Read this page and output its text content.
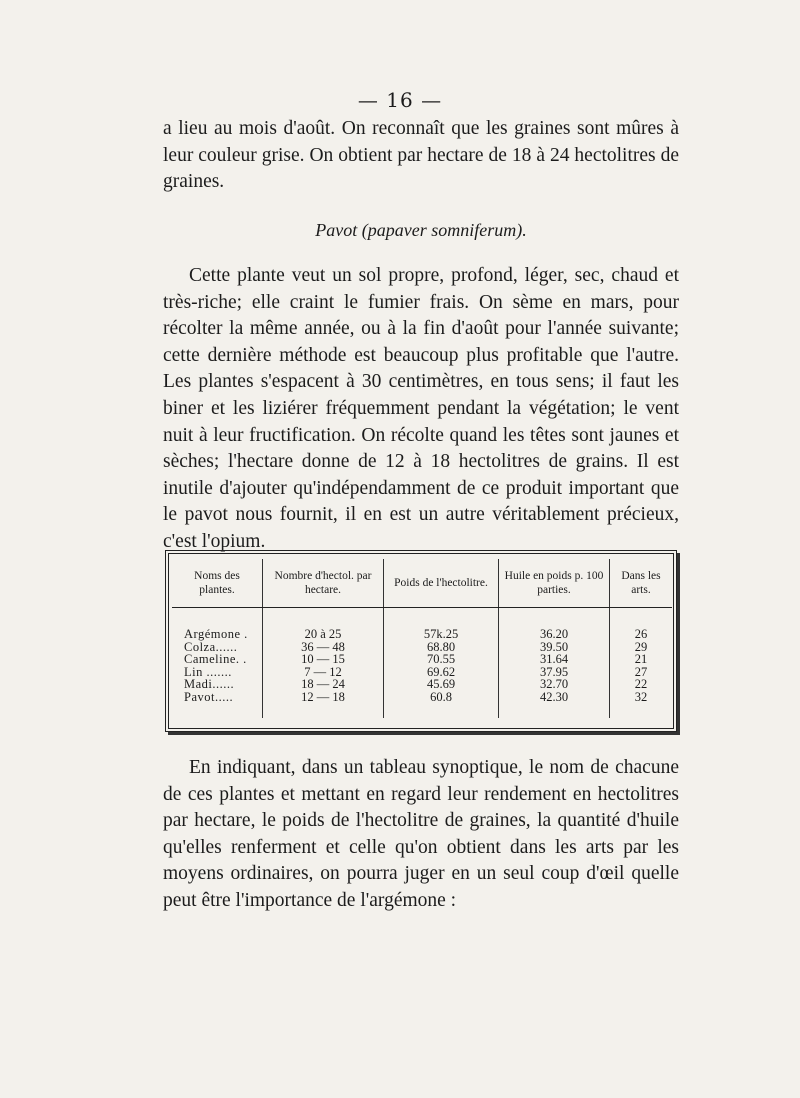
— 16 —

a lieu au mois d'août. On reconnaît que les graines sont mûres à leur couleur grise. On obtient par hectare de 18 à 24 hectolitres de graines.

Pavot (papaver somniferum).

Cette plante veut un sol propre, profond, léger, sec, chaud et très-riche; elle craint le fumier frais. On sème en mars, pour récolter la même année, ou à la fin d'août pour l'année suivante; cette dernière méthode est beaucoup plus profitable que l'autre. Les plantes s'espacent à 30 centimètres, en tous sens; il faut les biner et les liziérer fréquemment pendant la végétation; le vent nuit à leur fructification. On récolte quand les têtes sont jaunes et sèches; l'hectare donne de 12 à 18 hectolitres de grains. Il est inutile d'ajouter qu'indépendamment de ce produit important que le pavot nous fournit, il en est un autre véritablement précieux, c'est l'opium.

Noms des plantes.	Nombre d'hectol. par hectare.	Poids de l'hectolitre.	Huile en poids p. 100 parties.	Dans les arts.
Argémone .	20 à 25	57k.25	36.20	26
Colza......	36 — 48	68.80	39.50	29
Cameline. .	10 — 15	70.55	31.64	21
Lin .......	7 — 12	69.62	37.95	27
Madi......	18 — 24	45.69	32.70	22
Pavot.....	12 — 18	60.8	42.30	32

En indiquant, dans un tableau synoptique, le nom de chacune de ces plantes et mettant en regard leur rendement en hectolitres par hectare, le poids de l'hectolitre de graines, la quantité d'huile qu'elles renferment et celle qu'on obtient dans les arts par les moyens ordinaires, on pourra juger en un seul coup d'œil quelle peut être l'importance de l'argémone :
